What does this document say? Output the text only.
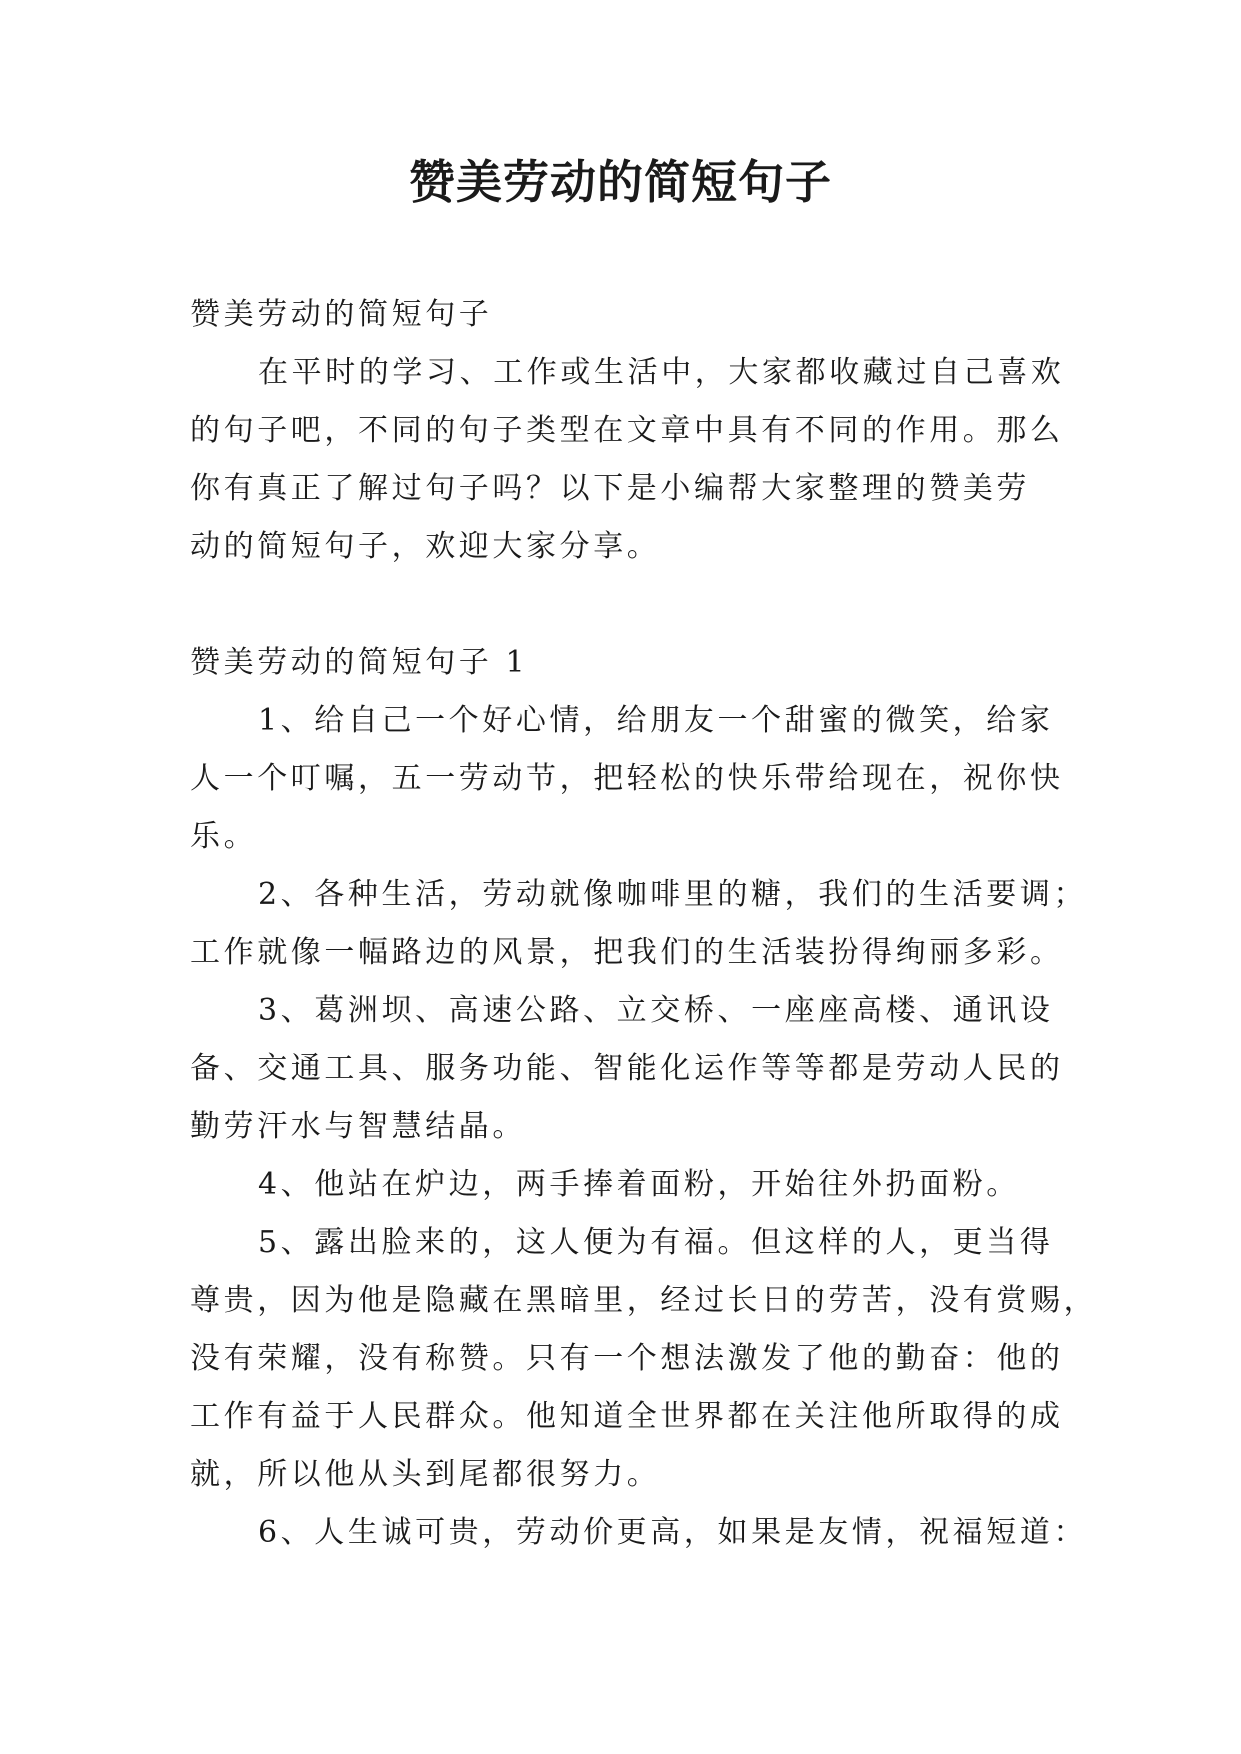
赞美劳动的简短句子
赞美劳动的简短句子
在平时的学习、工作或生活中，大家都收藏过自己喜欢
的句子吧，不同的句子类型在文章中具有不同的作用。那么
你有真正了解过句子吗？以下是小编帮大家整理的赞美劳
动的简短句子，欢迎大家分享。
赞美劳动的简短句子 1
1、给自己一个好心情，给朋友一个甜蜜的微笑，给家
人一个叮嘱，五一劳动节，把轻松的快乐带给现在，祝你快
乐。
2、各种生活，劳动就像咖啡里的糖，我们的生活要调；
工作就像一幅路边的风景，把我们的生活装扮得绚丽多彩。
3、葛洲坝、高速公路、立交桥、一座座高楼、通讯设
备、交通工具、服务功能、智能化运作等等都是劳动人民的
勤劳汗水与智慧结晶。
4、他站在炉边，两手捧着面粉，开始往外扔面粉。
5、露出脸来的，这人便为有福。但这样的人，更当得
尊贵，因为他是隐藏在黑暗里，经过长日的劳苦，没有赏赐，
没有荣耀，没有称赞。只有一个想法激发了他的勤奋：他的
工作有益于人民群众。他知道全世界都在关注他所取得的成
就，所以他从头到尾都很努力。
6、人生诚可贵，劳动价更高，如果是友情，祝福短道：
